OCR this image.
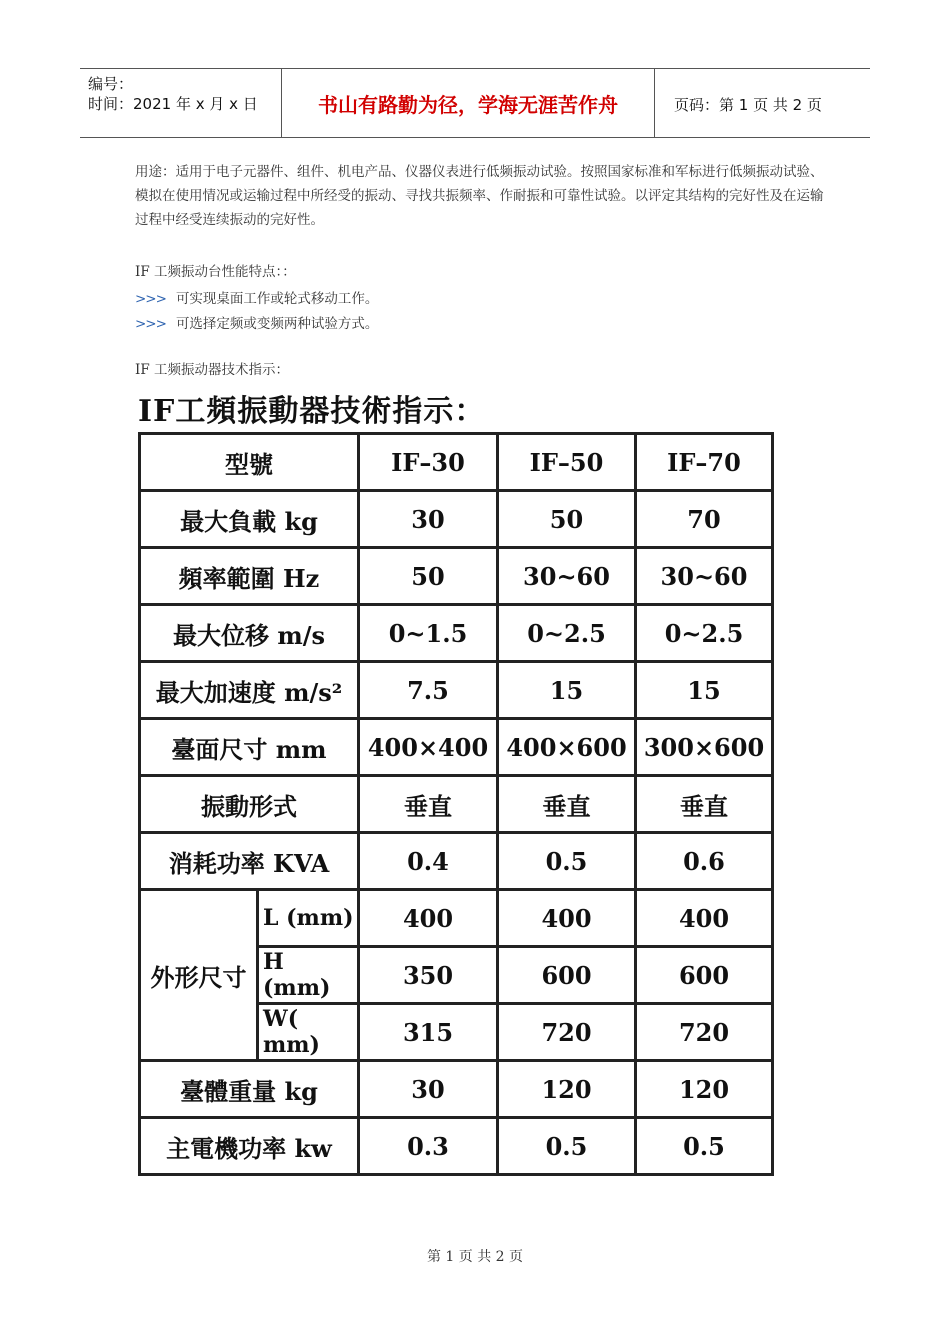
编号：
时间：2021 年 x 月 x 日	书山有路勤为径，学海无涯苦作舟	页码：第 1 页 共 2 页
用途：适用于电子元器件、组件、机电产品、仪器仪表进行低频振动试验。按照国家标准和军标进行低频振动试验、模拟在使用情况或运输过程中所经受的振动、寻找共振频率、作耐振和可靠性试验。以评定其结构的完好性及在运输过程中经受连续振动的完好性。
IF 工频振动台性能特点：：
>>> 可实现桌面工作或轮式移动工作。
>>> 可选择定频或变频两种试验方式。
IF 工频振动器技术指示：
IF工頻振動器技術指示：
型號		IF–30	IF–50	IF–70
最大負載 kg		30	50	70
頻率範圍 Hz		50	30~60	30~60
最大位移 m/s		0~1.5	0~2.5	0~2.5
最大加速度 m/s²		7.5	15	15
臺面尺寸 mm		400×400	400×600	300×600
振動形式		垂直	垂直	垂直
消耗功率 KVA		0.4	0.5	0.6
外形尺寸	L (mm)	400	400	400
	H (mm)	350	600	600
	W( mm)	315	720	720
臺體重量 kg		30	120	120
主電機功率 kw		0.3	0.5	0.5
第 1 页 共 2 页
